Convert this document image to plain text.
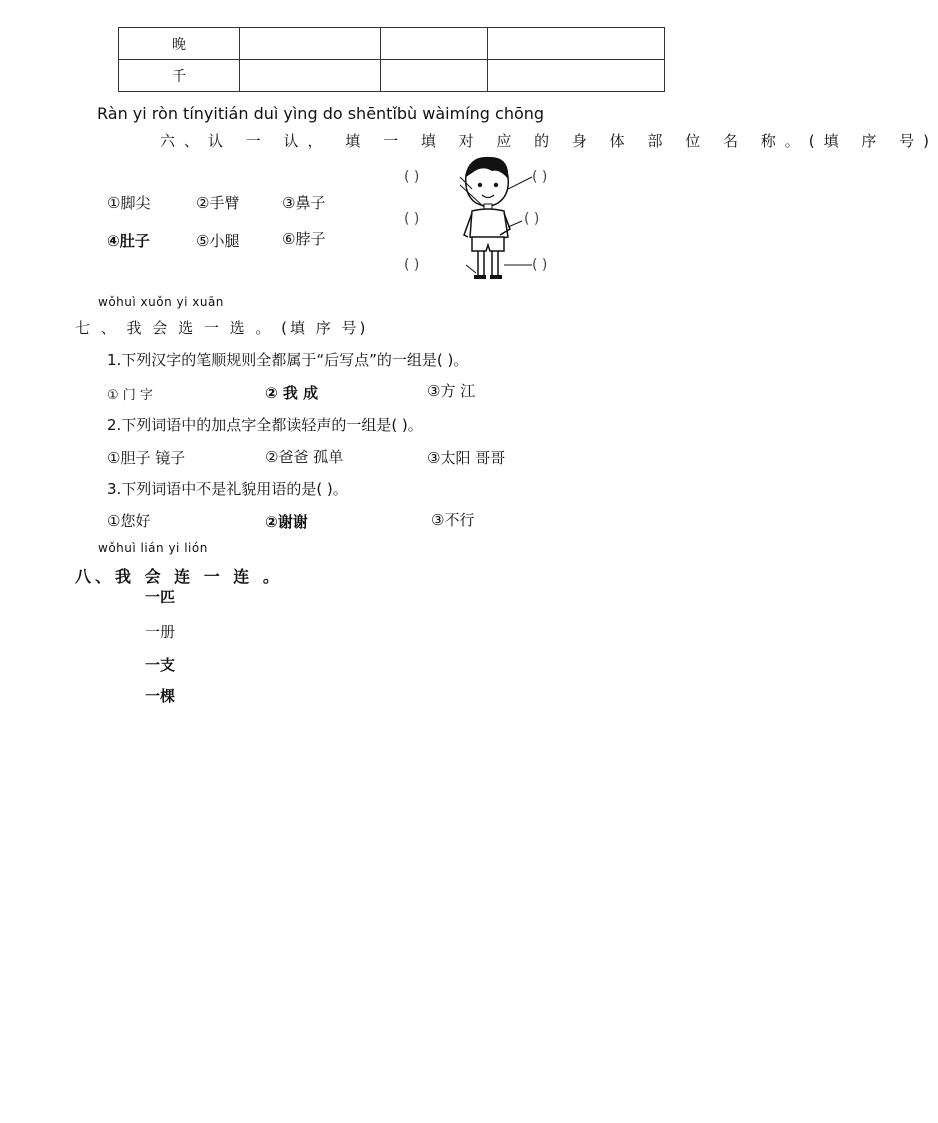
晚			
千			
Ràn yi ròn tínyitián duì yìng do shēntǐbù wàimíng chōng
六、认 一 认， 填 一 填 对 应 的 身 体 部 位 名 称。(填 序 号)
①脚尖	②手臂	③鼻子
④肚子	⑤小腿	⑥脖子
( )	( )
( )	( )
( )	( )
wǒhuì xuǒn yi xuān
七 、 我 会 选 一 选 。 (填 序 号)
1.下列汉字的笔顺规则全都属于“后写点”的一组是( )。
① 门 字	② 我 成	③方 江
2.下列词语中的加点字全都读轻声的一组是( )。
①胆子 镜子	②爸爸 孤单	③太阳 哥哥
3.下列词语中不是礼貌用语的是( )。
①您好	②谢谢	③不行
wǒhuì lián yi lión
八、我 会 连 一 连 。
一匹
一册
一支
一棵
